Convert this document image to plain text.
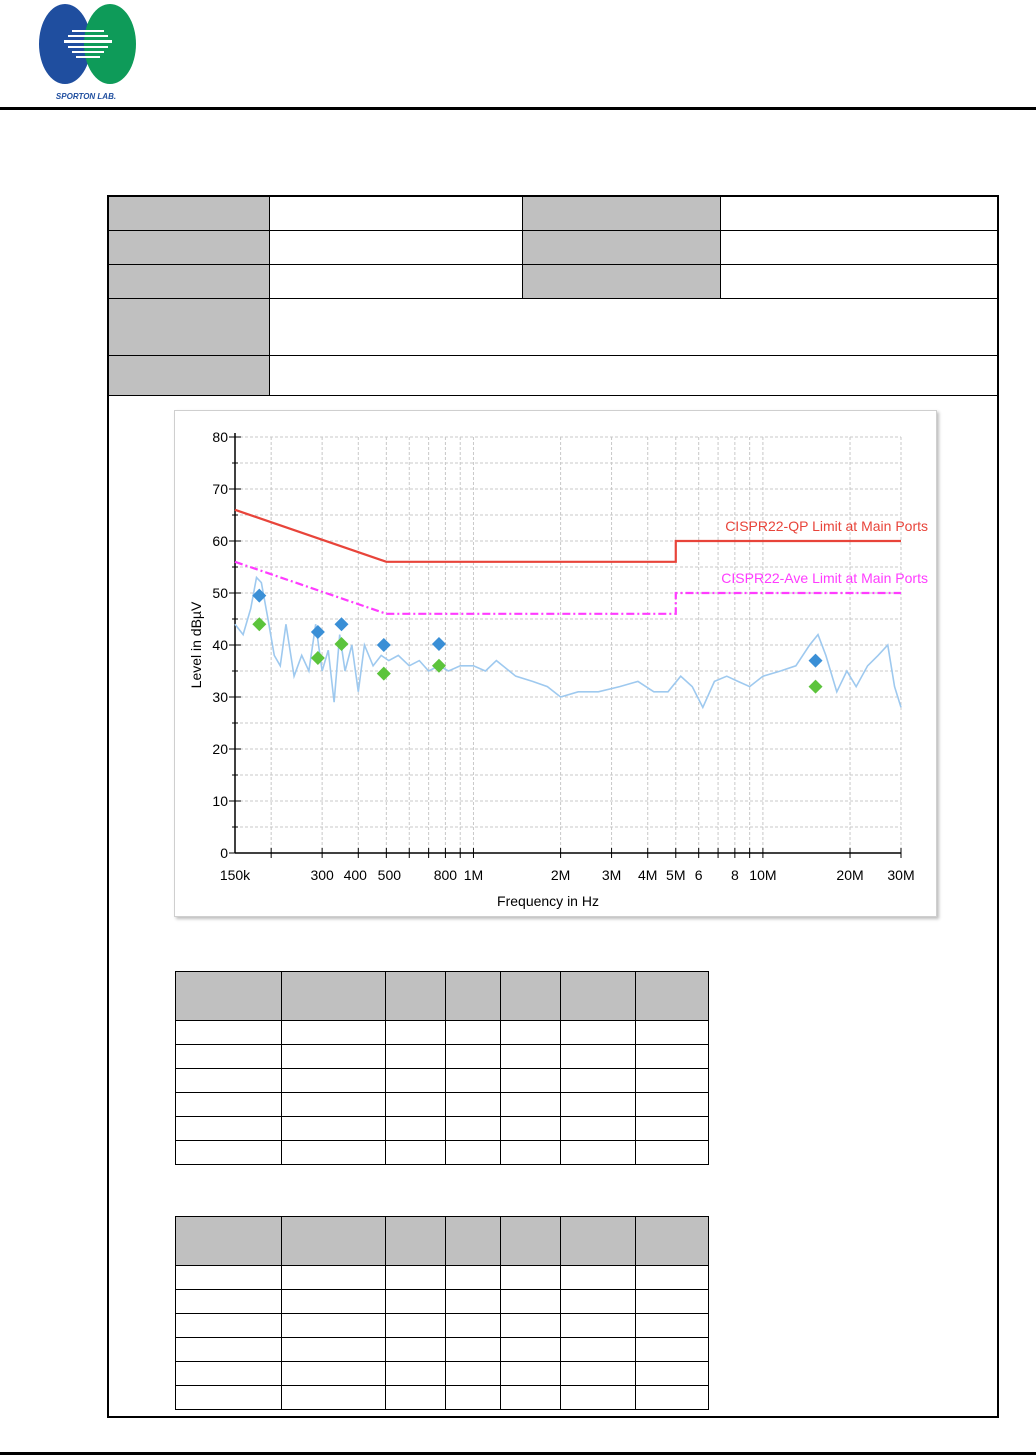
SPORTON LAB.
0
10
20
30
40
50
60
70
80
150k	300 400 500 800 1M	2M 3M 4M 5M 6 8 10M	20M 30M
Frequency in Hz
Level in dBµV
CISPR22-QP Limit at Main Ports
CISPR22-Ave Limit at Main Ports
